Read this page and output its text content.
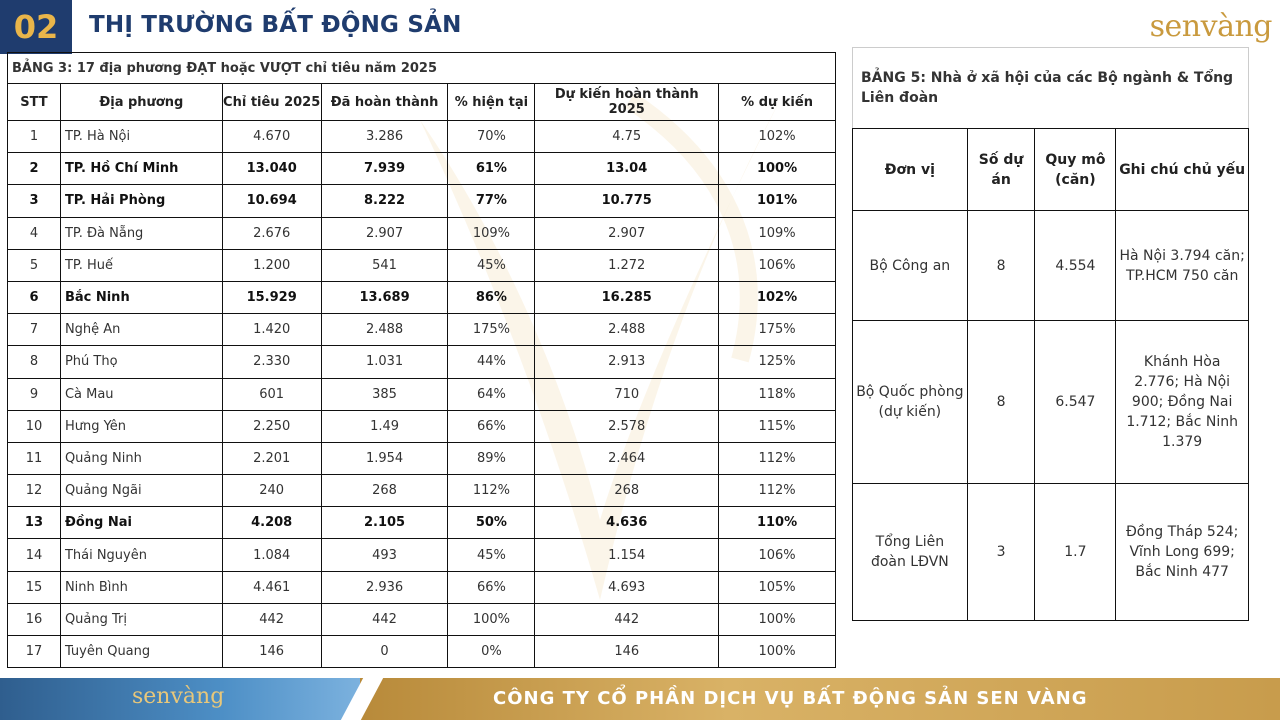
02 THỊ TRƯỜNG BẤT ĐỘNG SẢN	senvàng
BẢNG 3: 17 địa phương ĐẠT hoặc VƯỢT chỉ tiêu năm 2025						
STT	Địa phương	Chỉ tiêu 2025	Đã hoàn thành	% hiện tại	Dự kiến hoàn thành 2025	% dự kiến
1	TP. Hà Nội	4.670	3.286	70%	4.75	102%
2	TP. Hồ Chí Minh	13.040	7.939	61%	13.04	100%
3	TP. Hải Phòng	10.694	8.222	77%	10.775	101%
4	TP. Đà Nẵng	2.676	2.907	109%	2.907	109%
5	TP. Huế	1.200	541	45%	1.272	106%
6	Bắc Ninh	15.929	13.689	86%	16.285	102%
7	Nghệ An	1.420	2.488	175%	2.488	175%
8	Phú Thọ	2.330	1.031	44%	2.913	125%
9	Cà Mau	601	385	64%	710	118%
10	Hưng Yên	2.250	1.49	66%	2.578	115%
11	Quảng Ninh	2.201	1.954	89%	2.464	112%
12	Quảng Ngãi	240	268	112%	268	112%
13	Đồng Nai	4.208	2.105	50%	4.636	110%
14	Thái Nguyên	1.084	493	45%	1.154	106%
15	Ninh Bình	4.461	2.936	66%	4.693	105%
16	Quảng Trị	442	442	100%	442	100%
17	Tuyên Quang	146	0	0%	146	100%
BẢNG 5: Nhà ở xã hội của các Bộ ngành & Tổng Liên đoàn			
Đơn vị	Số dự án	Quy mô (căn)	Ghi chú chủ yếu
Bộ Công an	8	4.554	Hà Nội 3.794 căn; TP.HCM 750 căn
Bộ Quốc phòng (dự kiến)	8	6.547	Khánh Hòa 2.776; Hà Nội 900; Đồng Nai 1.712; Bắc Ninh 1.379
Tổng Liên đoàn LĐVN	3	1.7	Đồng Tháp 524; Vĩnh Long 699; Bắc Ninh 477
senvàng	CÔNG TY CỔ PHẦN DỊCH VỤ BẤT ĐỘNG SẢN SEN VÀNG
